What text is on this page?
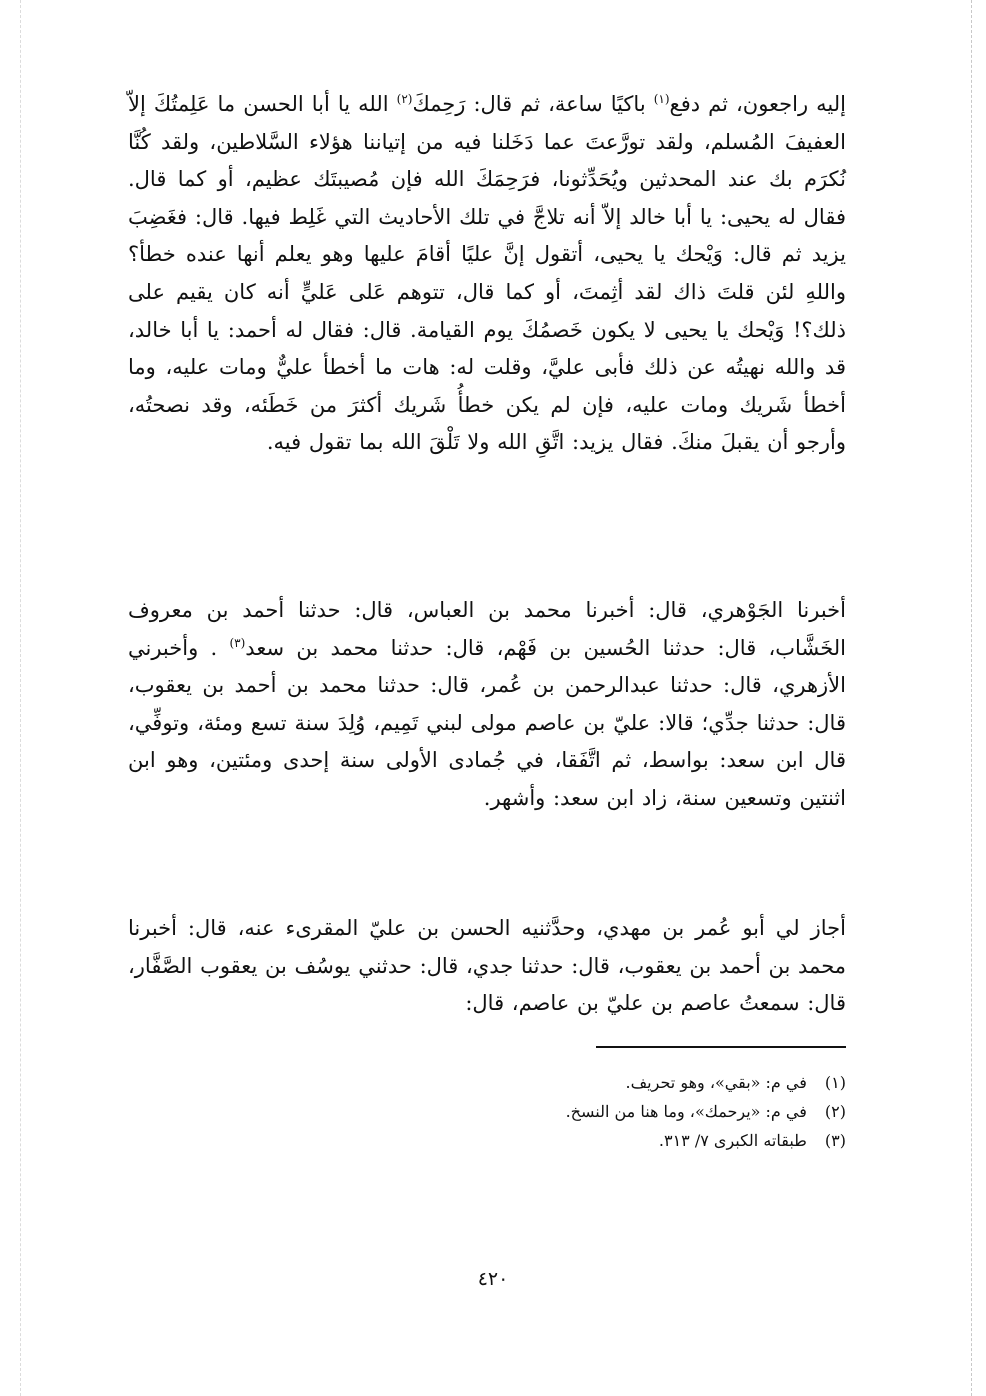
إليه راجعون، ثم دفع$^{(١)}$ باكيًا ساعة، ثم قال: رَحِمكَ$^{(٢)}$ الله يا أبا الحسن ما عَلِمتُكَ إلاّ العفيفَ المُسلم، ولقد تورَّعتَ عما دَخَلنا فيه من إتياننا هؤلاء السَّلاطين، ولقد كُنَّا نُكرَم بك عند المحدثين ويُحَدِّثونا، فرَحِمَكَ الله فإن مُصيبتَك عظيم، أو كما قال. فقال له يحيى: يا أبا خالد إلاّ أنه تلاجَّ في تلك الأحاديث التي غَلِط فيها. قال: فغَضِبَ يزيد ثم قال: وَيْحك يا يحيى، أتقول إنَّ عليًا أقامَ عليها وهو يعلم أنها عنده خطأ؟ واللهِ لئن قلتَ ذاك لقد أثِمتَ، أو كما قال، تتوهم عَلى عَليٍّ أنه كان يقيم على ذلك؟! وَيْحك يا يحيى لا يكون خَصمُكَ يوم القيامة. قال: فقال له أحمد: يا أبا خالد، قد والله نهيتُه عن ذلك فأبى عليَّ، وقلت له: هات ما أخطأ عليٌّ ومات عليه، وما أخطأ شَريك ومات عليه، فإن لم يكن خطأُ شَريك أكثرَ من خَطَئه، وقد نصحتُه، وأرجو أن يقبلَ منكَ. فقال يزيد: اتَّقِ الله ولا تَلْقَ الله بما تقول فيه.

أخبرنا الجَوْهري، قال: أخبرنا محمد بن العباس، قال: حدثنا أحمد بن معروف الخَشَّاب، قال: حدثنا الحُسين بن فَهْم، قال: حدثنا محمد بن سعد$^{(٣)}$ . وأخبرني الأزهري، قال: حدثنا عبدالرحمن بن عُمر، قال: حدثنا محمد بن أحمد بن يعقوب، قال: حدثنا جدِّي؛ قالا: عليّ بن عاصم مولى لبني تَمِيم، وُلِدَ سنة تسع ومئة، وتوفِّي، قال ابن سعد: بواسط، ثم اتَّفَقا، في جُمادى الأولى سنة إحدى ومئتين، وهو ابن اثنتين وتسعين سنة، زاد ابن سعد: وأشهر.

أجاز لي أبو عُمر بن مهدي، وحدَّثنيه الحسن بن عليّ المقرىء عنه، قال: أخبرنا محمد بن أحمد بن يعقوب، قال: حدثنا جدي، قال: حدثني يوسُف بن يعقوب الصَّفَّار، قال: سمعتُ عاصم بن عليّ بن عاصم، قال:

(١) في م: «بقي»، وهو تحريف.
(٢) في م: «يرحمك»، وما هنا من النسخ.
(٣) طبقاته الكبرى ٧/ ٣١٣.
٤٢٠
